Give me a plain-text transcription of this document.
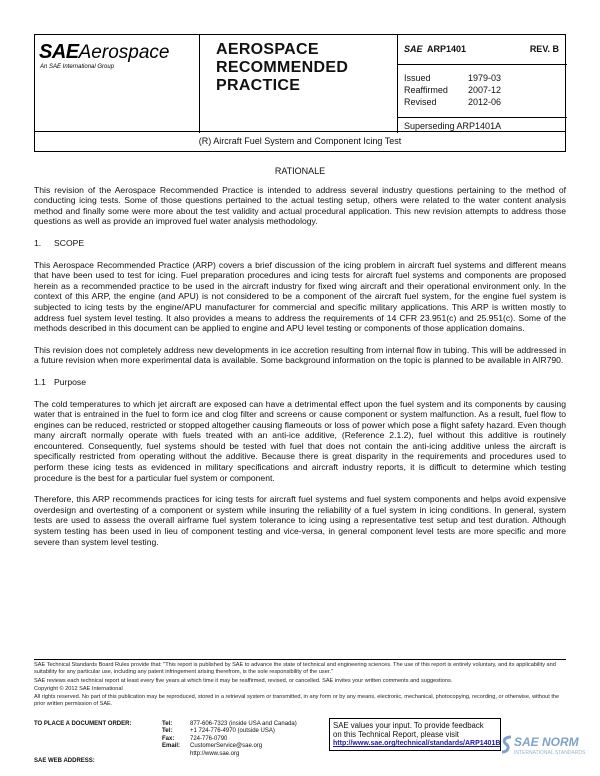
SAEAerospace
An SAE International Group
AEROSPACE
RECOMMENDED
PRACTICE
SAE ARP1401	REV. B
Issued	1979-03
Reaffirmed 2007-12
Revised	2012-06
Superseding ARP1401A
(R) Aircraft Fuel System and Component Icing Test
RATIONALE

This revision of the Aerospace Recommended Practice is intended to address several industry questions pertaining to the method of conducting icing tests. Some of those questions pertained to the actual testing setup, others were related to the water content analysis method and finally some were more about the test validity and actual procedural application. This new revision attempts to address those questions as well as provide an improved fuel water analysis methodology.

1. SCOPE

This Aerospace Recommended Practice (ARP) covers a brief discussion of the icing problem in aircraft fuel systems and different means that have been used to test for icing. Fuel preparation procedures and icing tests for aircraft fuel systems and components are proposed herein as a recommended practice to be used in the aircraft industry for fixed wing aircraft and their operational environment only. In the context of this ARP, the engine (and APU) is not considered to be a component of the aircraft fuel system, for the engine fuel system is subjected to icing tests by the engine/APU manufacturer for commercial and specific military applications. This ARP is written mostly to address fuel system level testing. It also provides a means to address the requirements of 14 CFR 23.951(c) and 25.951(c). Some of the methods described in this document can be applied to engine and APU level testing or components of those application domains.

This revision does not completely address new developments in ice accretion resulting from internal flow in tubing. This will be addressed in a future revision when more experimental data is available. Some background information on the topic is planned to be available in AIR790.

1.1 Purpose

The cold temperatures to which jet aircraft are exposed can have a detrimental effect upon the fuel system and its components by causing water that is entrained in the fuel to form ice and clog filter and screens or cause component or system malfunction. As a result, fuel flow to engines can be reduced, restricted or stopped altogether causing flameouts or loss of power which pose a flight safety hazard. Even though many aircraft normally operate with fuels treated with an anti-ice additive, (Reference 2.1.2), fuel without this additive is routinely encountered. Consequently, fuel systems should be tested with fuel that does not contain the anti-icing additive unless the aircraft is specifically restricted from operating without the additive. Because there is great disparity in the requirements and procedures used to perform these icing tests as evidenced in military specifications and aircraft industry reports, it is difficult to determine which testing procedure is the best for a particular fuel system or component.

Therefore, this ARP recommends practices for icing tests for aircraft fuel systems and fuel system components and helps avoid expensive overdesign and overtesting of a component or system while insuring the reliability of a fuel system in icing conditions. In general, system tests are used to assess the overall airframe fuel system tolerance to icing using a representative test setup and test duration. Although system testing has been used in lieu of component testing and vice-versa, in general component level tests are more specific and more severe than system level testing.

SAE Technical Standards Board Rules provide that: "This report is published by SAE to advance the state of technical and engineering sciences. The use of this report is entirely voluntary, and its applicability and suitability for any particular use, including any patent infringement arising therefrom, is the sole responsibility of the user."

SAE reviews each technical report at least every five years at which time it may be reaffirmed, revised, or cancelled. SAE invites your written comments and suggestions.

Copyright © 2012 SAE International

All rights reserved. No part of this publication may be reproduced, stored in a retrieval system or transmitted, in any form or by any means, electronic, mechanical, photocopying, recording, or otherwise, without the prior written permission of SAE.

TO PLACE A DOCUMENT ORDER:
SAE WEB ADDRESS:
Tel:	877-606-7323 (inside USA and Canada)
Tel:	+1 724-776-4970 (outside USA)
Fax:	724-776-0790
Email: CustomerService@sae.org
http://www.sae.org
SAE values your input. To provide feedback
on this Technical Report, please visit
http://www.sae.org/technical/standards/ARP1401B SAE NORM
INTERNATIONAL STANDARDS
